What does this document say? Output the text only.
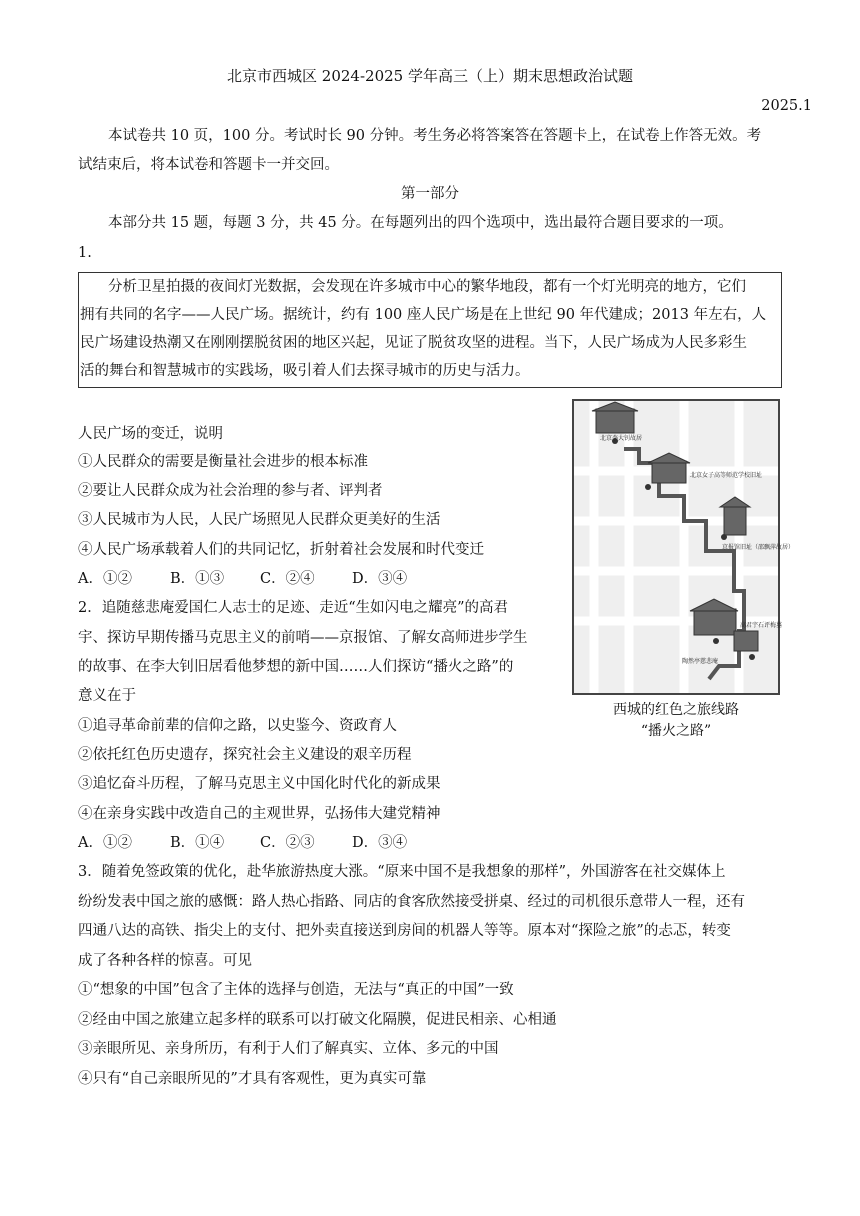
北京市西城区 2024-2025 学年高三（上）期末思想政治试题
2025.1
本试卷共 10 页，100 分。考试时长 90 分钟。考生务必将答案答在答题卡上，在试卷上作答无效。考
试结束后，将本试卷和答题卡一并交回。
第一部分
本部分共 15 题，每题 3 分，共 45 分。在每题列出的四个选项中，选出最符合题目要求的一项。
1.
分析卫星拍摄的夜间灯光数据，会发现在许多城市中心的繁华地段，都有一个灯光明亮的地方，它们
拥有共同的名字——人民广场。据统计，约有 100 座人民广场是在上世纪 90 年代建成；2013 年左右，人
民广场建设热潮又在刚刚摆脱贫困的地区兴起，见证了脱贫攻坚的进程。当下，人民广场成为人民多彩生
活的舞台和智慧城市的实践场，吸引着人们去探寻城市的历史与活力。
人民广场的变迁，说明
①人民群众的需要是衡量社会进步的根本标准
②要让人民群众成为社会治理的参与者、评判者
③人民城市为人民，人民广场照见人民群众更美好的生活
④人民广场承载着人们的共同记忆，折射着社会发展和时代变迁
A．①②	B．①③ C．②④	D．③④
2．追随慈悲庵爱国仁人志士的足迹、走近“生如闪电之耀亮”的高君
宇、探访早期传播马克思主义的前哨——京报馆、了解女高师进步学生
的故事、在李大钊旧居看他梦想的新中国……人们探访“播火之路”的
意义在于
①追寻革命前辈的信仰之路，以史鉴今、资政育人
②依托红色历史遗存，探究社会主义建设的艰辛历程
③追忆奋斗历程，了解马克思主义中国化时代化的新成果
④在亲身实践中改造自己的主观世界，弘扬伟大建党精神
A．①②	B．①④ C．②③	D．③④
北京李大钊故居
北京女子高等师范学校旧址
京报馆旧址（邵飘萍故居）
高君宇石评梅墓
陶然亭慈悲庵
西城的红色之旅线路
“播火之路”
3．随着免签政策的优化，赴华旅游热度大涨。“原来中国不是我想象的那样”，外国游客在社交媒体上
纷纷发表中国之旅的感慨：路人热心指路、同店的食客欣然接受拼桌、经过的司机很乐意带人一程，还有
四通八达的高铁、指尖上的支付、把外卖直接送到房间的机器人等等。原本对“探险之旅”的忐忑，转变
成了各种各样的惊喜。可见
①“想象的中国”包含了主体的选择与创造，无法与“真正的中国”一致
②经由中国之旅建立起多样的联系可以打破文化隔膜，促进民相亲、心相通
③亲眼所见、亲身所历，有利于人们了解真实、立体、多元的中国
④只有“自己亲眼所见的”才具有客观性，更为真实可靠
